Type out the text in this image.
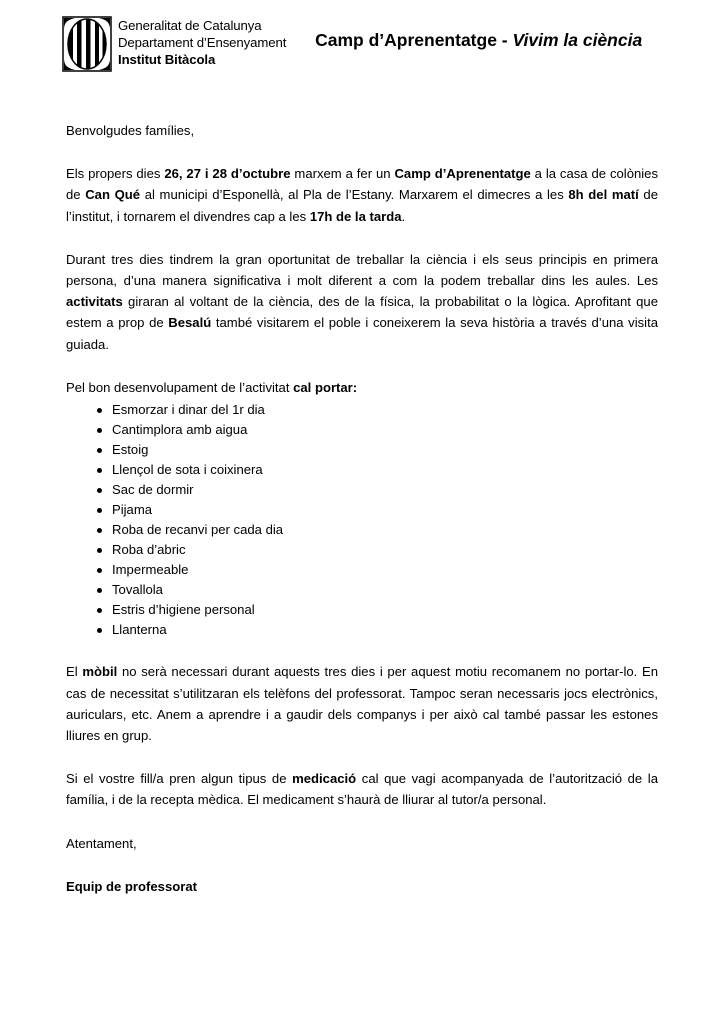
Generalitat de Catalunya
Departament d’Ensenyament
Institut Bitàcola
Camp d’Aprenentatge - Vivim la ciència

Benvolgudes famílies,

Els propers dies 26, 27 i 28 d’octubre marxem a fer un Camp d’Aprenentatge a la casa de colònies de Can Qué al municipi d’Esponellà, al Pla de l’Estany. Marxarem el dimecres a les 8h del matí de l’institut, i tornarem el divendres cap a les 17h de la tarda.

Durant tres dies tindrem la gran oportunitat de treballar la ciència i els seus principis en primera persona, d’una manera significativa i molt diferent a com la podem treballar dins les aules. Les activitats giraran al voltant de la ciència, des de la física, la probabilitat o la lògica. Aprofitant que estem a prop de Besalú també visitarem el poble i coneixerem la seva història a través d’una visita guiada.

Pel bon desenvolupament de l’activitat cal portar:

Esmorzar i dinar del 1r dia
Cantimplora amb aigua
Estoig
Llençol de sota i coixinera
Sac de dormir
Pijama
Roba de recanvi per cada dia
Roba d’abric
Impermeable
Tovallola
Estris d’higiene personal
Llanterna

El mòbil no serà necessari durant aquests tres dies i per aquest motiu recomanem no portar-lo. En cas de necessitat s’utilitzaran els telèfons del professorat. Tampoc seran necessaris jocs electrònics, auriculars, etc. Anem a aprendre i a gaudir dels companys i per això cal també passar les estones lliures en grup.

Si el vostre fill/a pren algun tipus de medicació cal que vagi acompanyada de l’autorització de la família, i de la recepta mèdica. El medicament s’haurà de lliurar al tutor/a personal.

Atentament,

Equip de professorat
